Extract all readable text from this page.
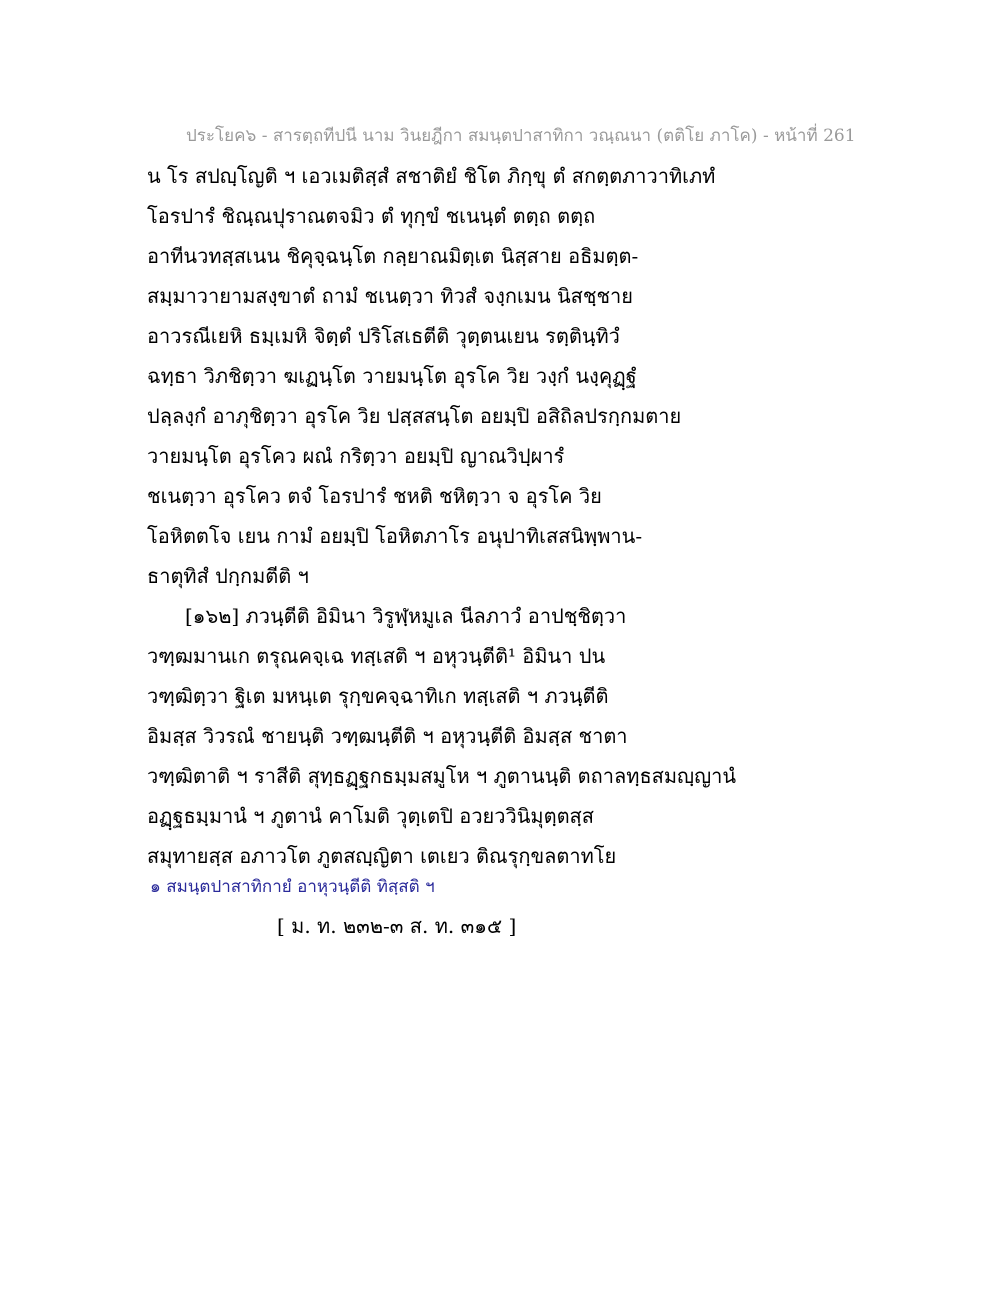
ประโยค๖ - สารตฺถทีปนี นาม วินยฎีกา สมนฺตปาสาทิกา วณฺณนา (ตติโย ภาโค) - หน้าที่ 261
น โร สปญฺโญติ ฯ เอวเมติสฺสํ สชาติยํ ชิโต ภิกฺขุ ตํ สกตฺตภาวาทิเภทํ
โอรปารํ ชิณฺณปุราณตจมิว ตํ ทุกฺขํ ชเนนฺตํ ตตฺถ ตตฺถ
อาทีนวทสฺสเนน ชิคุจฺฉนฺโต กลฺยาณมิตฺเต นิสฺสาย อธิมตฺต-
สมฺมาวายามสงฺขาตํ ถามํ ชเนตฺวา ทิวสํ จงฺกเมน นิสชฺชาย
อาวรณีเยหิ ธมฺเมหิ จิตฺตํ ปริโสเธตีติ วุตฺตนเยน รตฺตินฺทิวํ
ฉทฺธา วิภชิตฺวา ฆเฏนฺโต วายมนฺโต อุรโค วิย วงฺกํ นงฺคุฏฺฐํ
ปลฺลงฺกํ อาภุชิตฺวา อุรโค วิย ปสฺสสนฺโต อยมฺปิ อสิถิลปรกฺกมตาย
วายมนฺโต อุรโคว ผณํ กริตฺวา อยมฺปิ ญาณวิปฺผารํ
ชเนตฺวา อุรโคว ตจํ โอรปารํ ชหติ ชหิตฺวา จ อุรโค วิย
โอหิตตโจ เยน กามํ อยมฺปิ โอหิตภาโร อนุปาทิเสสนิพฺพาน-
ธาตุทิสํ ปกฺกมตีติ ฯ
[๑๖๒] ภวนฺตีติ อิมินา วิรูฬฺหมูเล นีลภาวํ อาปชฺชิตฺวา
วฑฺฒมานเก ตรุณคจฺเฉ ทสฺเสติ ฯ อหุวนฺตีติ¹ อิมินา ปน
วฑฺฒิตฺวา ฐิเต มหนฺเต รุกฺขคจฺฉาทิเก ทสฺเสติ ฯ ภวนฺตีติ
อิมสฺส วิวรณํ ชายนฺติ วฑฺฒนฺตีติ ฯ อหุวนฺตีติ อิมสฺส ชาตา
วฑฺฒิตาติ ฯ ราสีติ สุทฺธฏฺฐกธมฺมสมูโห ฯ ภูตานนฺติ ตถาลทฺธสมญฺญานํ
อฏฺฐธมฺมานํ ฯ ภูตานํ คาโมติ วุตฺเตปิ อวยววินิมุตฺตสฺส
สมุทายสฺส อภาวโต ภูตสญฺญิตา เตเยว ติณรุกฺขลตาทโย
๑ สมนฺตปาสาทิกายํ อาหุวนฺตีติ ทิสฺสติ ฯ
[ ม. ท. ๒๓๒-๓ ส. ท. ๓๑๕ ]
